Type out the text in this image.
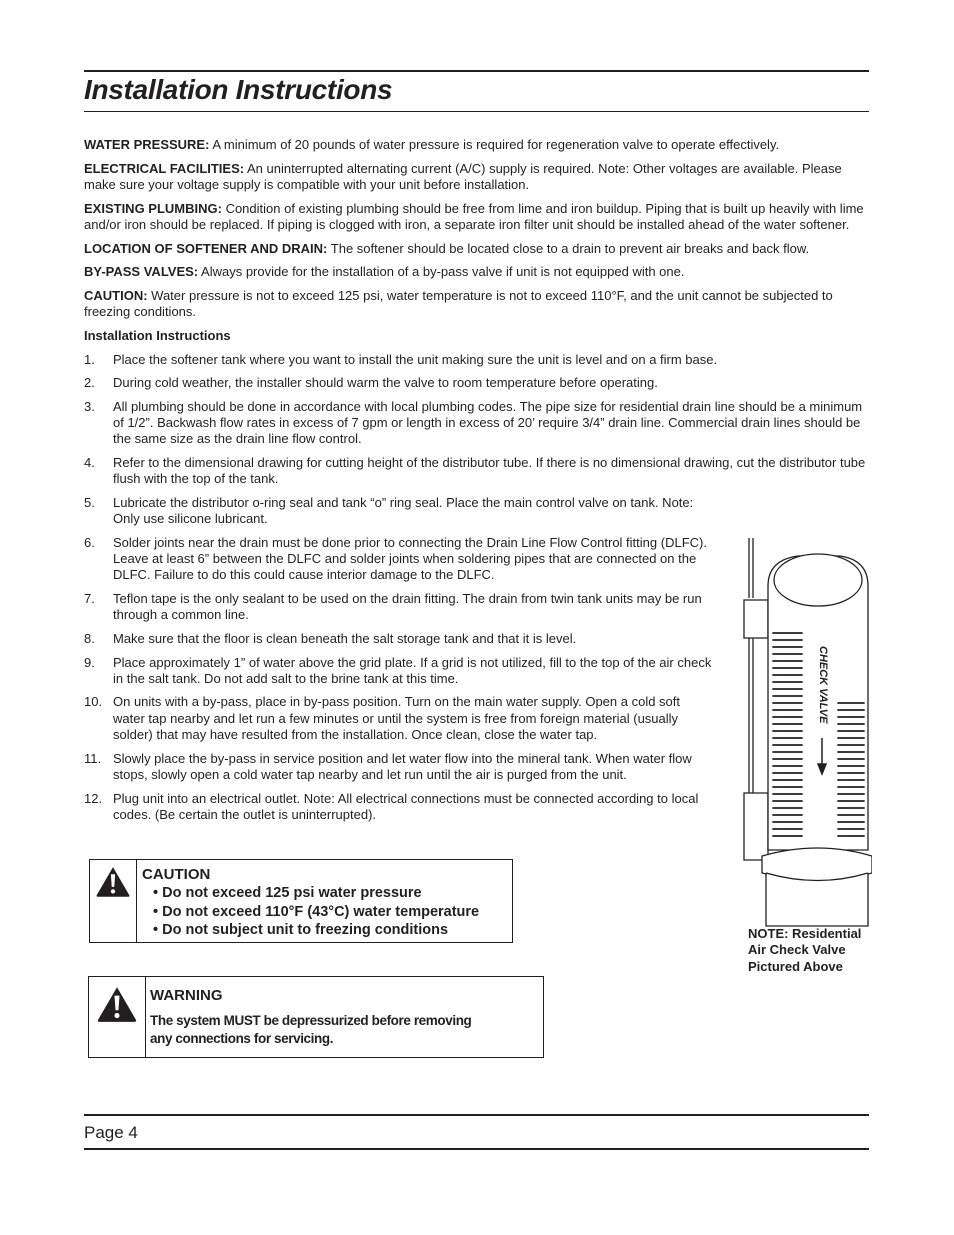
Installation Instructions

WATER PRESSURE: A minimum of 20 pounds of water pressure is required for regeneration valve to operate effectively.

ELECTRICAL FACILITIES: An uninterrupted alternating current (A/C) supply is required. Note: Other voltages are available. Please make sure your voltage supply is compatible with your unit before installation.

EXISTING PLUMBING: Condition of existing plumbing should be free from lime and iron buildup. Piping that is built up heavily with lime and/or iron should be replaced. If piping is clogged with iron, a separate iron filter unit should be installed ahead of the water softener.

LOCATION OF SOFTENER AND DRAIN: The softener should be located close to a drain to prevent air breaks and back flow.

BY-PASS VALVES: Always provide for the installation of a by-pass valve if unit is not equipped with one.

CAUTION: Water pressure is not to exceed 125 psi, water temperature is not to exceed 110°F, and the unit cannot be subjected to freezing conditions.

Installation Instructions

1. Place the softener tank where you want to install the unit making sure the unit is level and on a firm base.
2. During cold weather, the installer should warm the valve to room temperature before operating.
3. All plumbing should be done in accordance with local plumbing codes. The pipe size for residential drain line should be a minimum of 1/2”. Backwash flow rates in excess of 7 gpm or length in excess of 20’ require 3/4” drain line. Commercial drain lines should be the same size as the drain line flow control.
4. Refer to the dimensional drawing for cutting height of the distributor tube. If there is no dimensional drawing, cut the distributor tube flush with the top of the tank.
5. Lubricate the distributor o-ring seal and tank “o” ring seal. Place the main control valve on tank. Note: Only use silicone lubricant.
6. Solder joints near the drain must be done prior to connecting the Drain Line Flow Control fitting (DLFC). Leave at least 6” between the DLFC and solder joints when soldering pipes that are connected on the DLFC. Failure to do this could cause interior damage to the DLFC.
7. Teflon tape is the only sealant to be used on the drain fitting. The drain from twin tank units may be run through a common line.
8. Make sure that the floor is clean beneath the salt storage tank and that it is level.
9. Place approximately 1” of water above the grid plate. If a grid is not utilized, fill to the top of the air check in the salt tank. Do not add salt to the brine tank at this time.
10. On units with a by-pass, place in by-pass position. Turn on the main water supply. Open a cold soft water tap nearby and let run a few minutes or until the system is free from foreign material (usually solder) that may have resulted from the installation. Once clean, close the water tap.
11. Slowly place the by-pass in service position and let water flow into the mineral tank. When water flow stops, slowly open a cold water tap nearby and let run until the air is purged from the unit.
12. Plug unit into an electrical outlet. Note: All electrical connections must be connected according to local codes. (Be certain the outlet is uninterrupted).
CAUTION
• Do not exceed 125 psi water pressure
• Do not exceed 110°F (43°C) water temperature
• Do not subject unit to freezing conditions
WARNING
The system MUST be depressurized before removing
any connections for servicing.
CHECK VALVE
NOTE: Residential
Air Check Valve
Pictured Above
Page 4
